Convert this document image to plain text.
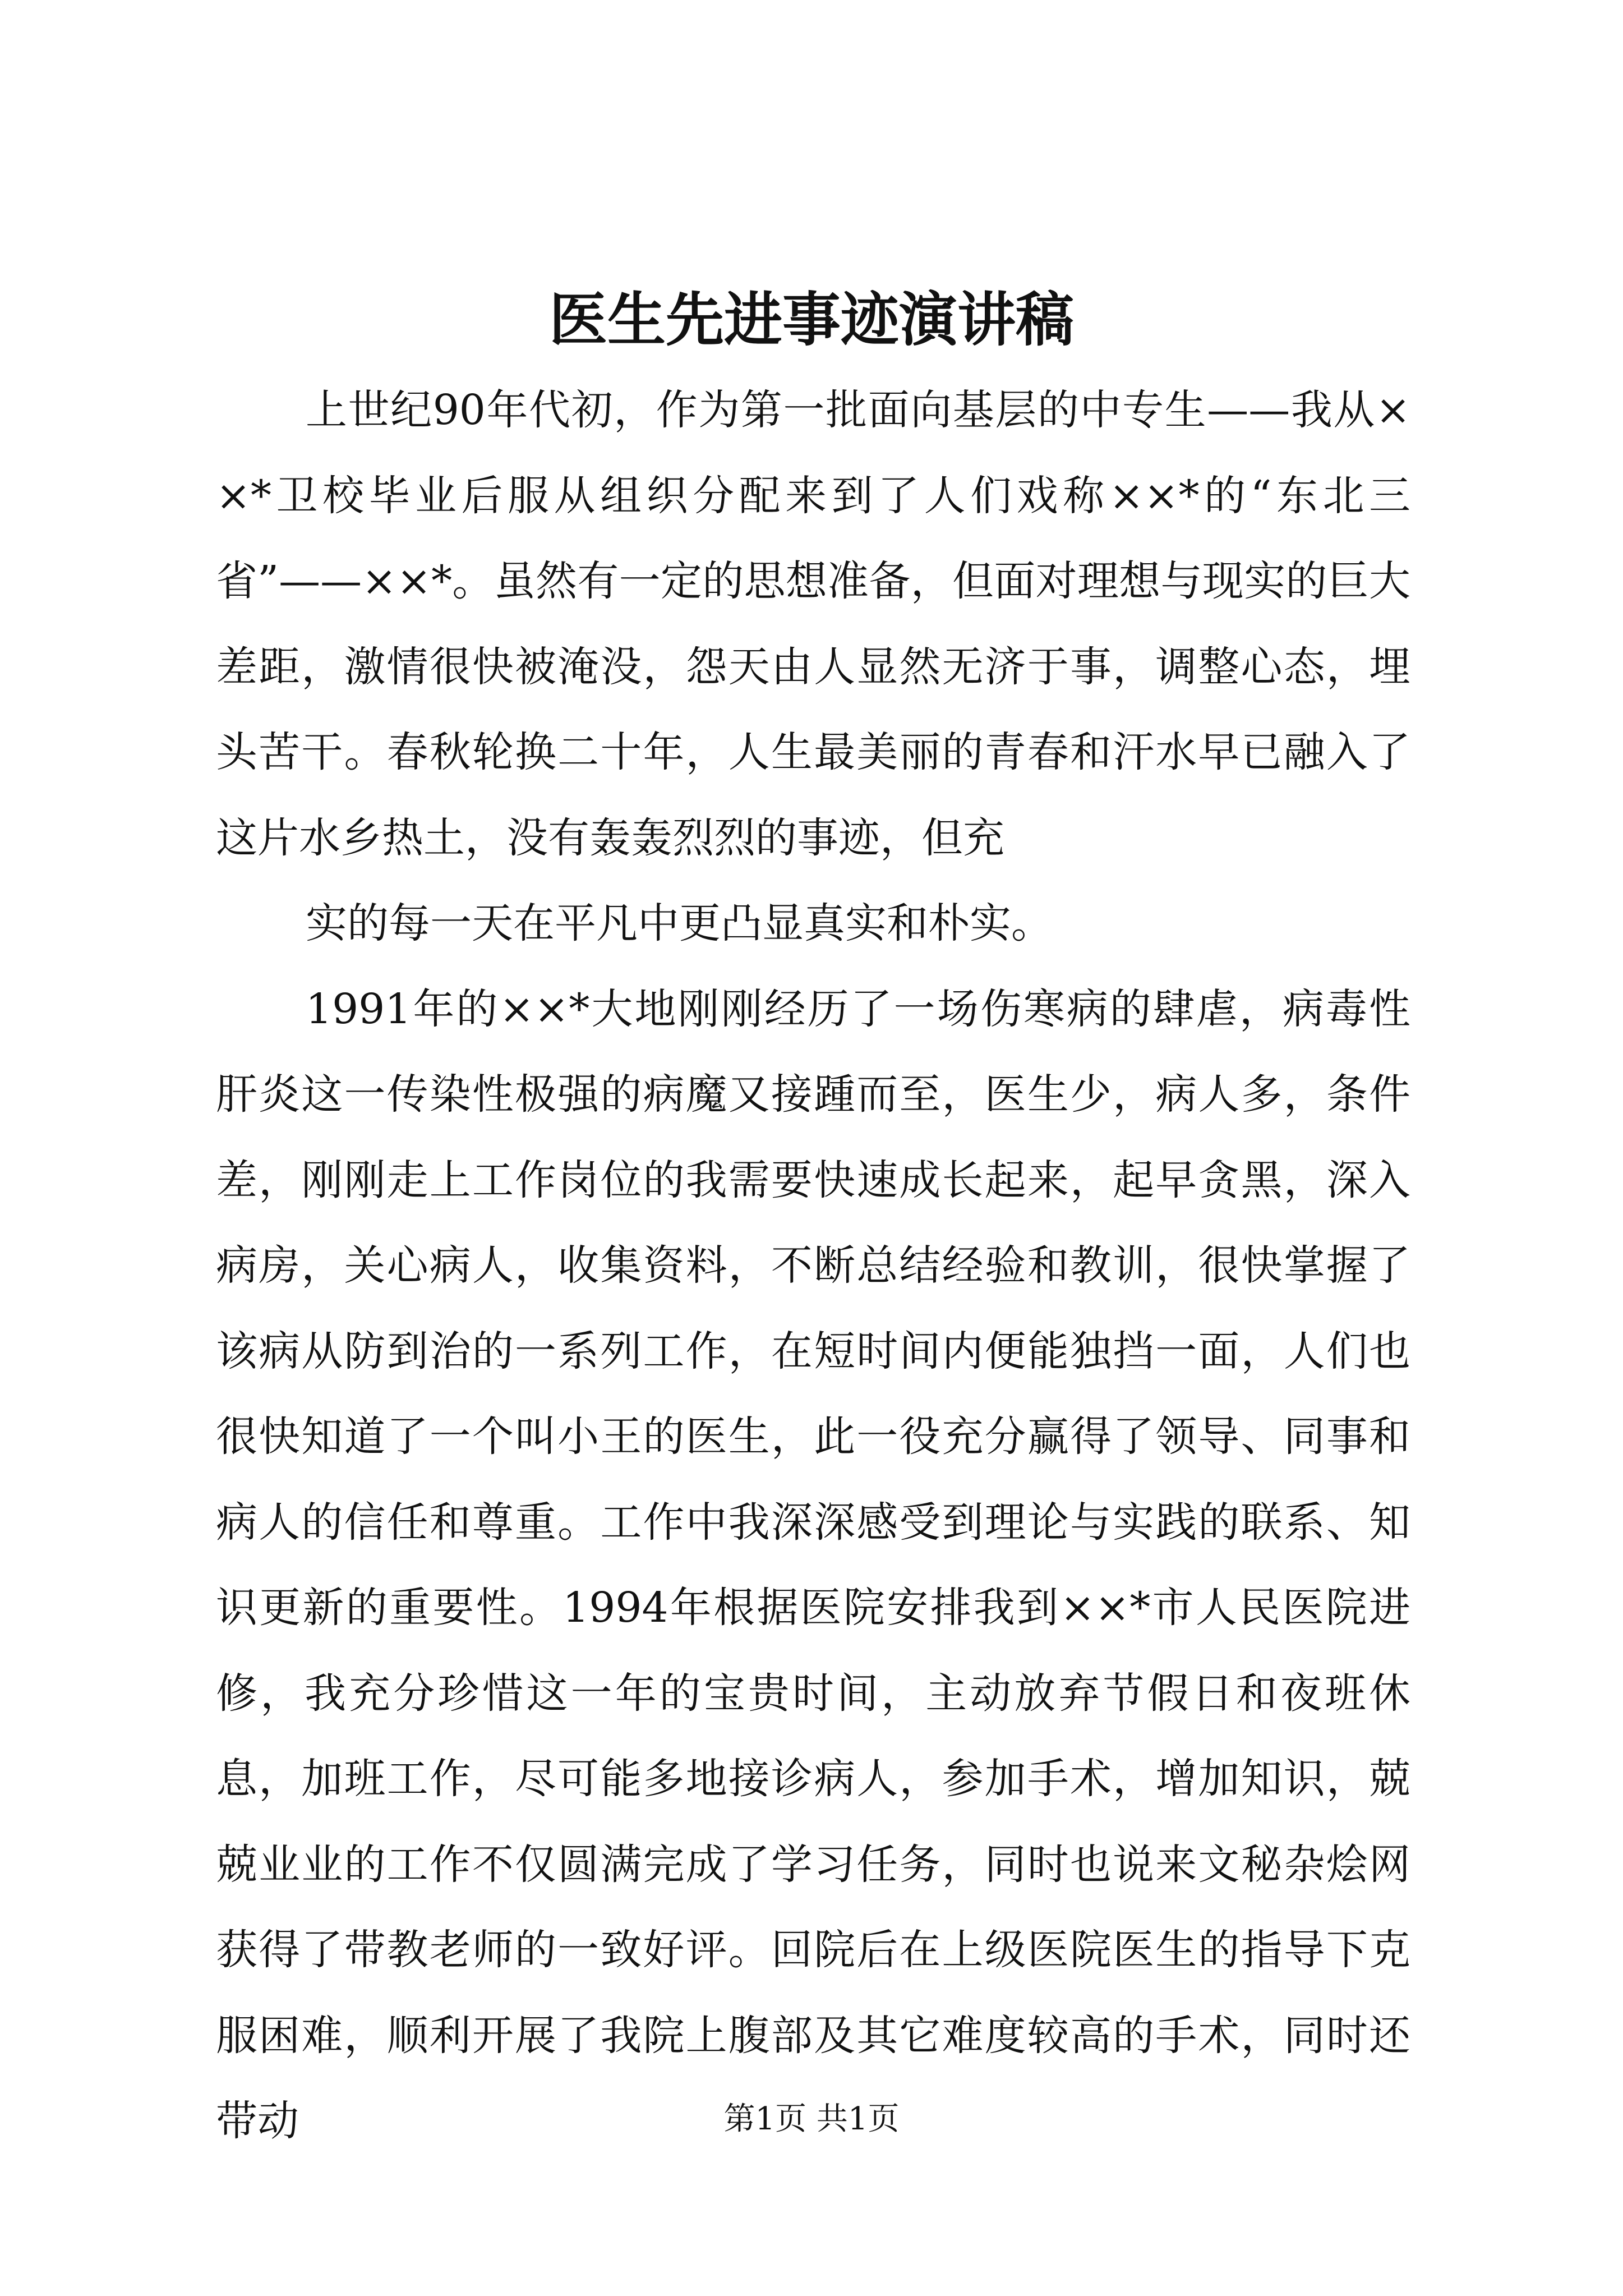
医生先进事迹演讲稿

上世纪90年代初，作为第一批面向基层的中专生——我从××*卫校毕业后服从组织分配来到了人们戏称××*的“东北三省”——××*。虽然有一定的思想准备，但面对理想与现实的巨大差距，激情很快被淹没，怨天由人显然无济于事，调整心态，埋头苦干。春秋轮换二十年，人生最美丽的青春和汗水早已融入了这片水乡热土，没有轰轰烈烈的事迹，但充

实的每一天在平凡中更凸显真实和朴实。

1991年的××*大地刚刚经历了一场伤寒病的肆虐，病毒性肝炎这一传染性极强的病魔又接踵而至，医生少，病人多，条件差，刚刚走上工作岗位的我需要快速成长起来，起早贪黑，深入病房，关心病人，收集资料，不断总结经验和教训，很快掌握了该病从防到治的一系列工作，在短时间内便能独挡一面，人们也很快知道了一个叫小王的医生，此一役充分赢得了领导、同事和病人的信任和尊重。工作中我深深感受到理论与实践的联系、知识更新的重要性。1994年根据医院安排我到××*市人民医院进修，我充分珍惜这一年的宝贵时间，主动放弃节假日和夜班休息，加班工作，尽可能多地接诊病人，参加手术，增加知识，兢兢业业的工作不仅圆满完成了学习任务，同时也说来文秘杂烩网获得了带教老师的一致好评。回院后在上级医院医生的指导下克服困难，顺利开展了我院上腹部及其它难度较高的手术，同时还带动	第1页 共1页
